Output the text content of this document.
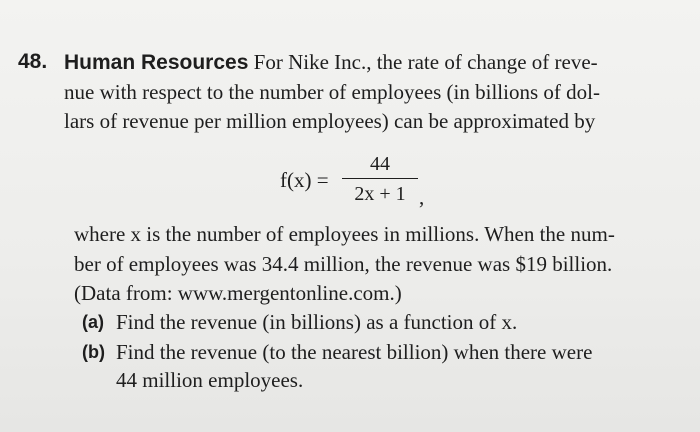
48. Human Resources For Nike Inc., the rate of change of reve-
nue with respect to the number of employees (in billions of dol-
lars of revenue per million employees) can be approximated by
f(x) =
44
2x + 1 ,
where x is the number of employees in millions. When the num-
ber of employees was 34.4 million, the revenue was $19 billion.
(Data from: www.mergentonline.com.)
(a) Find the revenue (in billions) as a function of x.
(b) Find the revenue (to the nearest billion) when there were
44 million employees.
